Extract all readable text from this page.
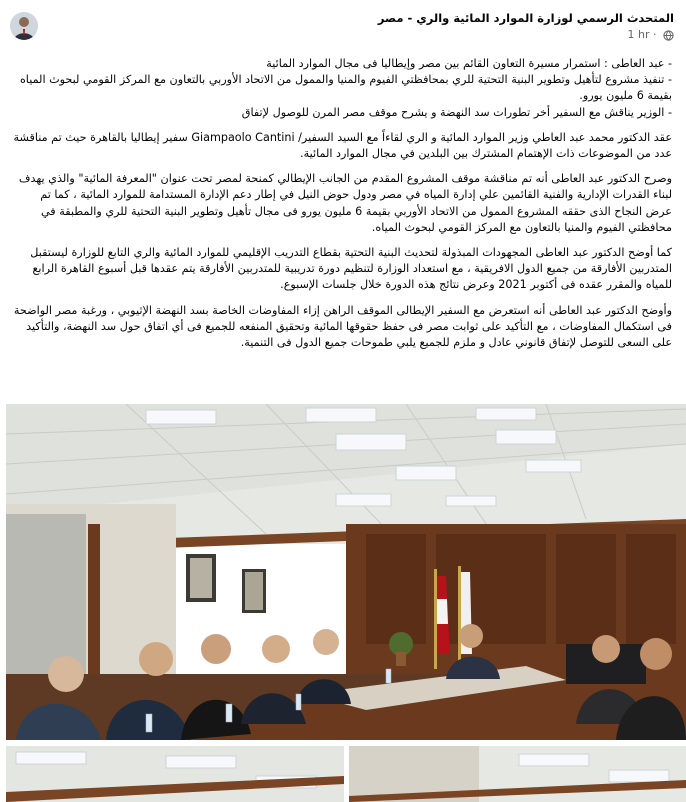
المتحدث الرسمي لوزارة الموارد المائية والري - مصر
1 hr ·

- عبد العاطى : استمرار مسيرة التعاون القائم بين مصر وإيطاليا فى مجال الموارد المائية

- تنفيذ مشروع لتأهيل وتطوير البنية التحتية للري بمحافظتي الفيوم والمنيا والممول من الاتحاد الأوربي بالتعاون مع المركز القومي لبحوث المياه بقيمة 6 مليون يورو.

- الوزير يناقش مع السفير أخر تطورات سد النهضة و يشرح موقف مصر المرن للوصول لإتفاق

عقد الدكتور محمد عبد العاطي وزير الموارد المائية و الري لقاءاً مع السيد السفير/ Giampaolo Cantini سفير إيطاليا بالقاهرة حيث تم مناقشة عدد من الموضوعات ذات الإهتمام المشترك بين البلدين في مجال الموارد المائية.

وصرح الدكتور عبد العاطى أنه تم مناقشة موقف المشروع المقدم من الجانب الإيطالي كمنحة لمصر تحت عنوان "المعرفة المائية" والذي يهدف لبناء القدرات الإدارية والفنية القائمين علي إدارة المياه في مصر ودول حوض النيل في إطار دعم الإدارة المستدامة للموارد المائية ، كما تم عرض النجاح الذى حققه المشروع الممول من الاتحاد الأوربي بقيمة 6 مليون يورو فى مجال تأهيل وتطوير البنية التحتية للري والمطبقة في محافظتي الفيوم والمنيا بالتعاون مع المركز القومي لبحوث المياه.

كما أوضح الدكتور عبد العاطى المجهودات المبذولة لتحديث البنية التحتية بقطاع التدريب الإقليمي للموارد المائية والري التابع للوزارة ليستقبل المتدربين الأفارقة من جميع الدول الافريقية ، مع استعداد الوزارة لتنظيم دورة تدريبية للمتدربين الأفارقة يتم عقدها قبل أسبوع القاهرة الرابع للمياه والمقرر عقده فى أكتوبر 2021 وعرض نتائج هذه الدورة خلال جلسات الإسبوع.

وأوضح الدكتور عبد العاطى أنه استعرض مع السفير الإيطالى الموقف الراهن إزاء المفاوضات الخاصة بسد النهضة الإثيوبي ، ورغبة مصر الواضحة فى استكمال المفاوضات ، مع التأكيد على ثوابت مصر فى حفظ حقوقها المائية وتحقيق المنفعه للجميع فى أي اتفاق حول سد النهضة، والتأكيد على السعى للتوصل لإتفاق قانوني عادل و ملزم للجميع يلبي طموحات جميع الدول فى التنمية.
